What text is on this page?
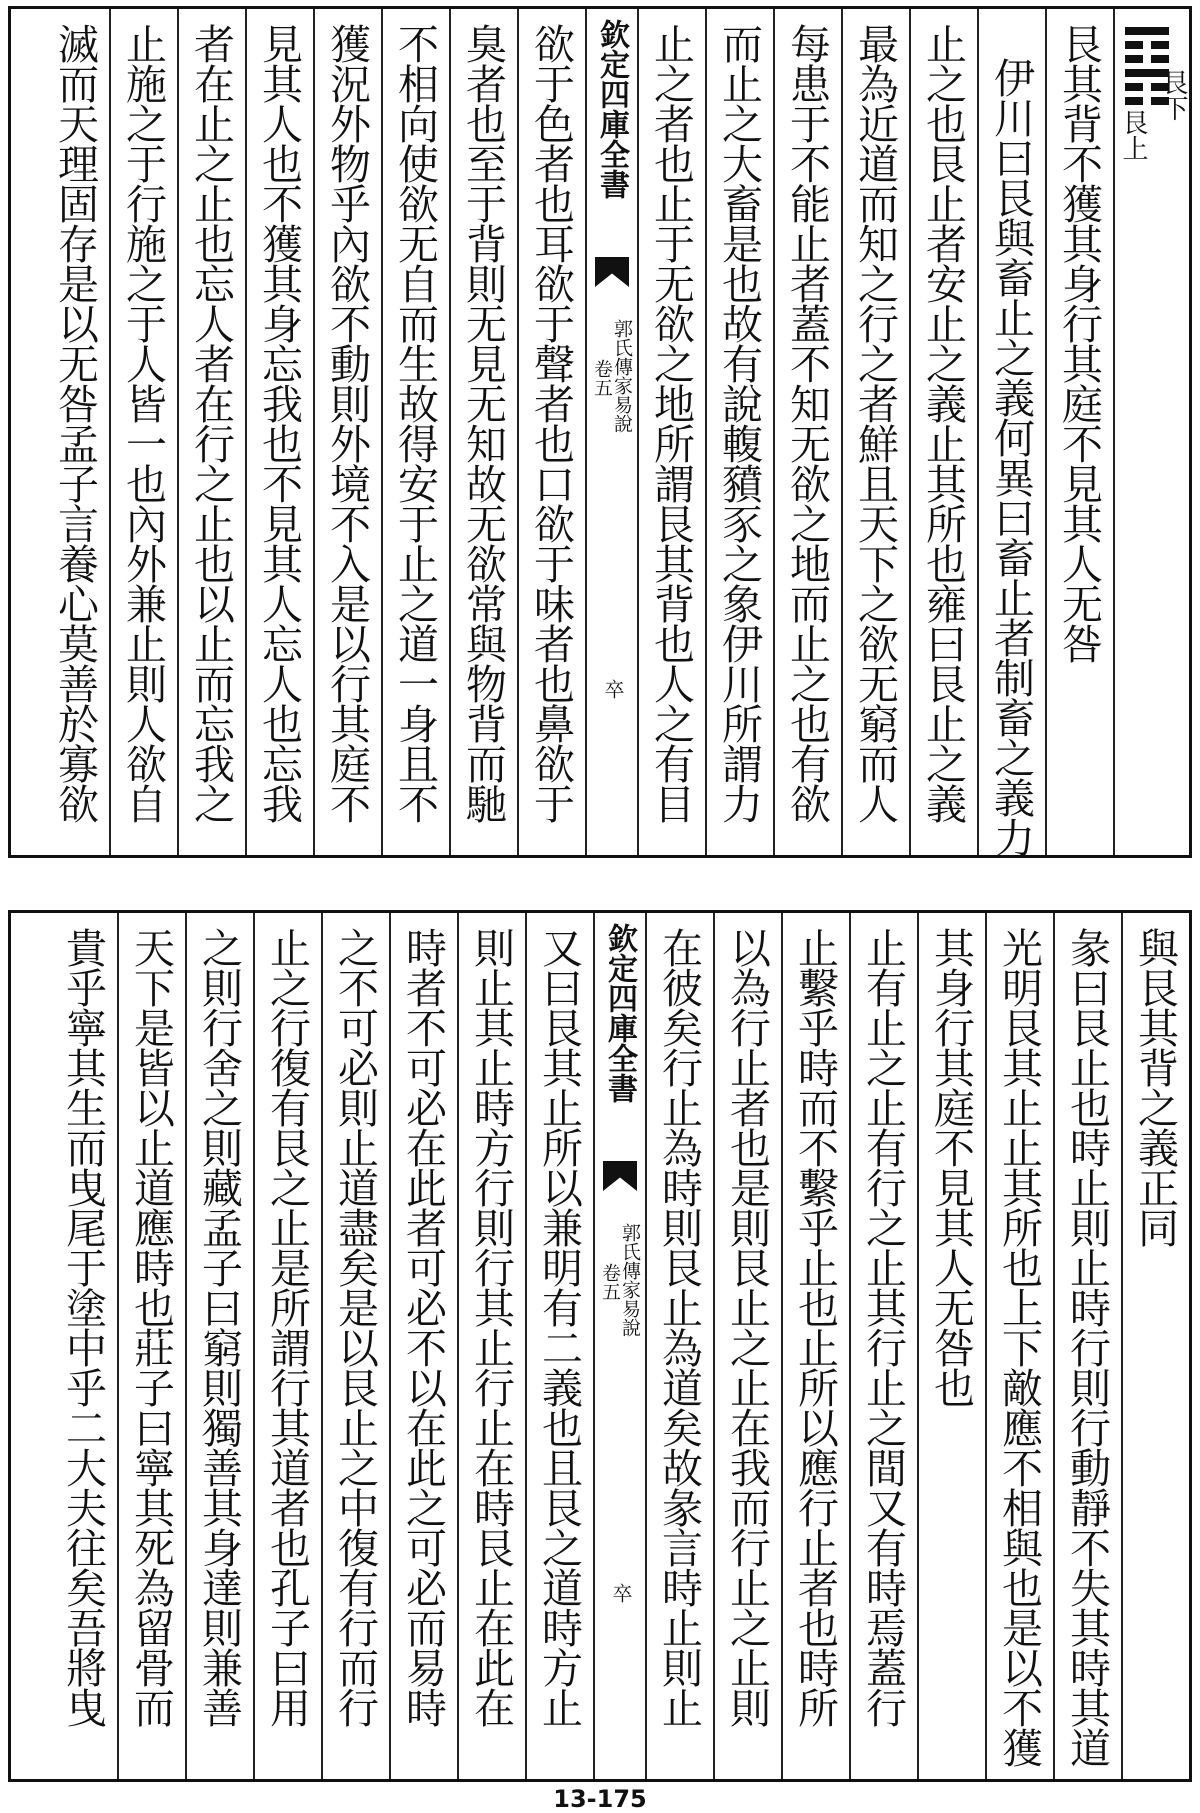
艮下
艮上
艮其背不獲其身行其庭不見其人无咎
伊川曰艮與畜止之義何異曰畜止者制畜之義力
止之也艮止者安止之義止其所也雍曰艮止之義
最為近道而知之行之者鮮且天下之欲无窮而人
每患于不能止者蓋不知无欲之地而止之也有欲
而止之大畜是也故有說輹豶豕之象伊川所謂力
止之者也止于无欲之地所謂艮其背也人之有目
欽定四庫全書
郭氏傳家易說
卷五
卒
欲于色者也耳欲于聲者也口欲于味者也鼻欲于
臭者也至于背則无見无知故无欲常與物背而馳
不相向使欲无自而生故得安于止之道一身且不
獲況外物乎內欲不動則外境不入是以行其庭不
見其人也不獲其身忘我也不見其人忘人也忘我
者在止之止也忘人者在行之止也以止而忘我之
止施之于行施之于人皆一也內外兼止則人欲自
滅而天理固存是以无咎孟子言養心莫善於寡欲
與艮其背之義正同
彖曰艮止也時止則止時行則行動靜不失其時其道
光明艮其止止其所也上下敵應不相與也是以不獲
其身行其庭不見其人无咎也
止有止之止有行之止其行止之間又有時焉蓋行
止繫乎時而不繫乎止也止所以應行止者也時所
以為行止者也是則艮止之止在我而行止之止則
在彼矣行止為時則艮止為道矣故彖言時止則止
欽定四庫全書
郭氏傳家易說
卷五
卒
又曰艮其止所以兼明有二義也且艮之道時方止
則止其止時方行則行其止行止在時艮止在此在
時者不可必在此者可必不以在此之可必而易時
之不可必則止道盡矣是以艮止之中復有行而行
止之行復有艮之止是所謂行其道者也孔子曰用
之則行舍之則藏孟子曰窮則獨善其身達則兼善
天下是皆以止道應時也莊子曰寧其死為留骨而
貴乎寧其生而曳尾于塗中乎二大夫往矣吾將曳
13-175
